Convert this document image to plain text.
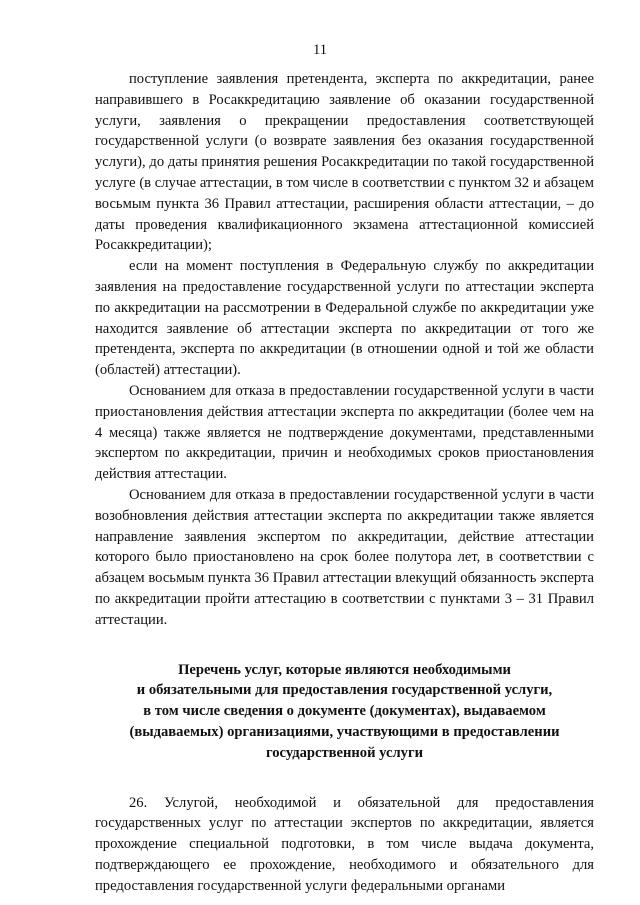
11

поступление заявления претендента, эксперта по аккредитации, ранее направившего в Росаккредитацию заявление об оказании государственной услуги, заявления о прекращении предоставления соответствующей государственной услуги (о возврате заявления без оказания государственной услуги), до даты принятия решения Росаккредитации по такой государственной услуге (в случае аттестации, в том числе в соответствии с пунктом 32 и абзацем восьмым пункта 36 Правил аттестации, расширения области аттестации, – до даты проведения квалификационного экзамена аттестационной комиссией Росаккредитации);

если на момент поступления в Федеральную службу по аккредитации заявления на предоставление государственной услуги по аттестации эксперта по аккредитации на рассмотрении в Федеральной службе по аккредитации уже находится заявление об аттестации эксперта по аккредитации от того же претендента, эксперта по аккредитации (в отношении одной и той же области (областей) аттестации).

Основанием для отказа в предоставлении государственной услуги в части приостановления действия аттестации эксперта по аккредитации (более чем на 4 месяца) также является не подтверждение документами, представленными экспертом по аккредитации, причин и необходимых сроков приостановления действия аттестации.

Основанием для отказа в предоставлении государственной услуги в части возобновления действия аттестации эксперта по аккредитации также является направление заявления экспертом по аккредитации, действие аттестации которого было приостановлено на срок более полутора лет, в соответствии с абзацем восьмым пункта 36 Правил аттестации влекущий обязанность эксперта по аккредитации пройти аттестацию в соответствии с пунктами 3 – 31 Правил аттестации.

Перечень услуг, которые являются необходимыми
и обязательными для предоставления государственной услуги,
в том числе сведения о документе (документах), выдаваемом
(выдаваемых) организациями, участвующими в предоставлении
государственной услуги

26. Услугой, необходимой и обязательной для предоставления государственных услуг по аттестации экспертов по аккредитации, является прохождение специальной подготовки, в том числе выдача документа, подтверждающего ее прохождение, необходимого и обязательного для предоставления государственной услуги федеральными органами
